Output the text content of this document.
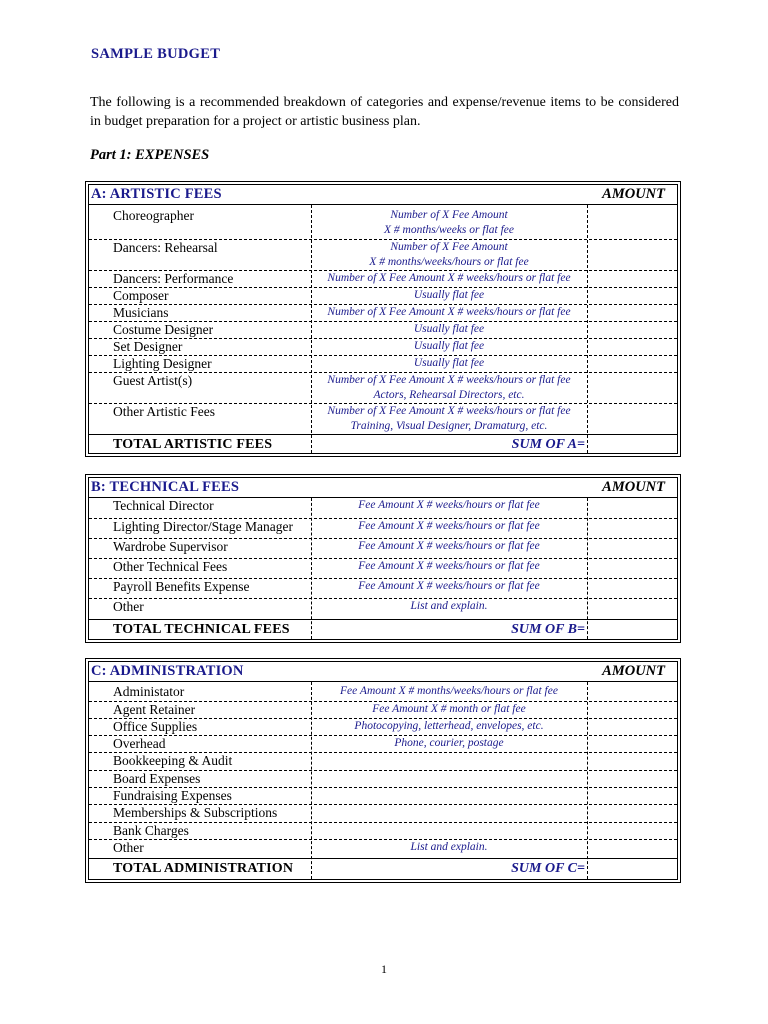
SAMPLE BUDGET
The following is a recommended breakdown of categories and expense/revenue items to be considered in budget preparation for a project or artistic business plan.
Part 1: EXPENSES
A: ARTISTIC FEES	AMOUNT
Choreographer	Number of X Fee Amount
X # months/weeks or flat fee
Dancers: Rehearsal	Number of X Fee Amount
X # months/weeks/hours or flat fee
Dancers: Performance	Number of X Fee Amount X # weeks/hours or flat fee
Composer	Usually flat fee
Musicians	Number of X Fee Amount X # weeks/hours or flat fee
Costume Designer	Usually flat fee
Set Designer	Usually flat fee
Lighting Designer	Usually flat fee
Guest Artist(s)	Number of X Fee Amount X # weeks/hours or flat fee
Actors, Rehearsal Directors, etc.
Other Artistic Fees	Number of X Fee Amount X # weeks/hours or flat fee
Training, Visual Designer, Dramaturg, etc.
TOTAL ARTISTIC FEES	SUM OF A=
B: TECHNICAL FEES	AMOUNT
Technical Director	Fee Amount X # weeks/hours or flat fee
Lighting Director/Stage Manager	Fee Amount X # weeks/hours or flat fee
Wardrobe Supervisor	Fee Amount X # weeks/hours or flat fee
Other Technical Fees	Fee Amount X # weeks/hours or flat fee
Payroll Benefits Expense	Fee Amount X # weeks/hours or flat fee
Other	List and explain.
TOTAL TECHNICAL FEES	SUM OF B=
C: ADMINISTRATION	AMOUNT
Administator	Fee Amount X # months/weeks/hours or flat fee
Agent Retainer	Fee Amount X # month or flat fee
Office Supplies	Photocopying, letterhead, envelopes, etc.
Overhead	Phone, courier, postage
Bookkeeping & Audit
Board Expenses
Fundraising Expenses
Memberships & Subscriptions
Bank Charges
Other	List and explain.
TOTAL ADMINISTRATION	SUM OF C=
1
